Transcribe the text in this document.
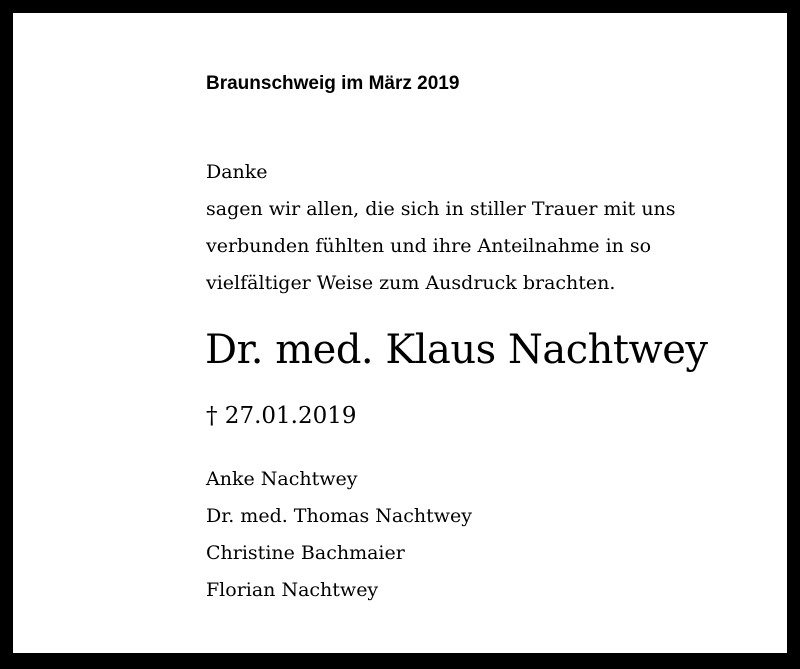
Braunschweig im März 2019
Danke
sagen wir allen, die sich in stiller Trauer mit uns
verbunden fühlten und ihre Anteilnahme in so
vielfältiger Weise zum Ausdruck brachten.
Dr. med. Klaus Nachtwey
† 27.01.2019
Anke Nachtwey
Dr. med. Thomas Nachtwey
Christine Bachmaier
Florian Nachtwey
